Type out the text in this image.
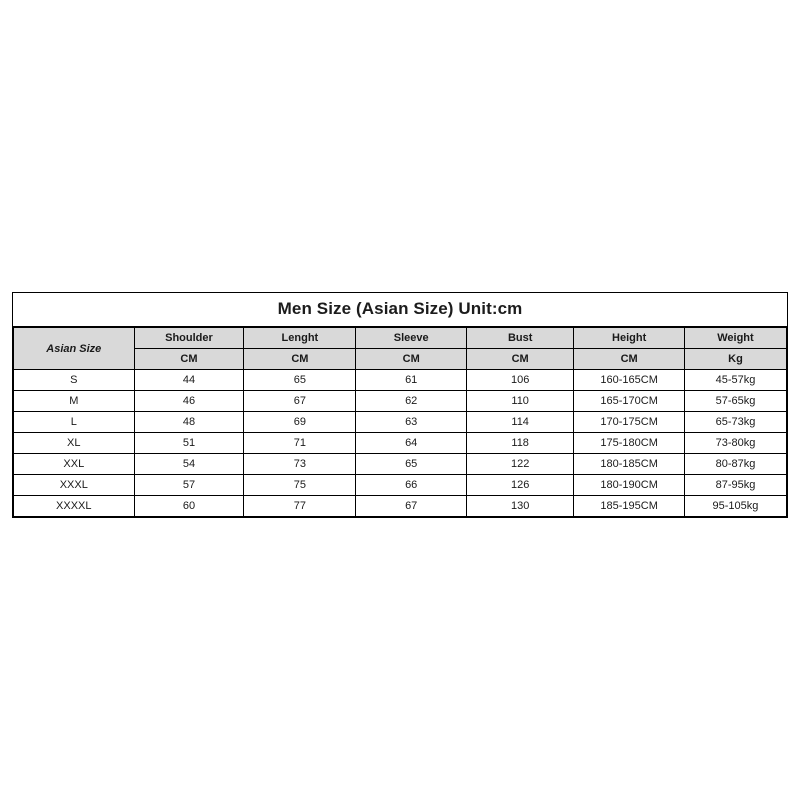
Men Size (Asian Size) Unit:cm
Asian Size	Shoulder	Lenght	Sleeve	Bust	Height	Weight
	CM	CM	CM	CM	CM	Kg
S	44	65	61	106	160-165CM	45-57kg
M	46	67	62	110	165-170CM	57-65kg
L	48	69	63	114	170-175CM	65-73kg
XL	51	71	64	118	175-180CM	73-80kg
XXL	54	73	65	122	180-185CM	80-87kg
XXXL	57	75	66	126	180-190CM	87-95kg
XXXXL	60	77	67	130	185-195CM	95-105kg
